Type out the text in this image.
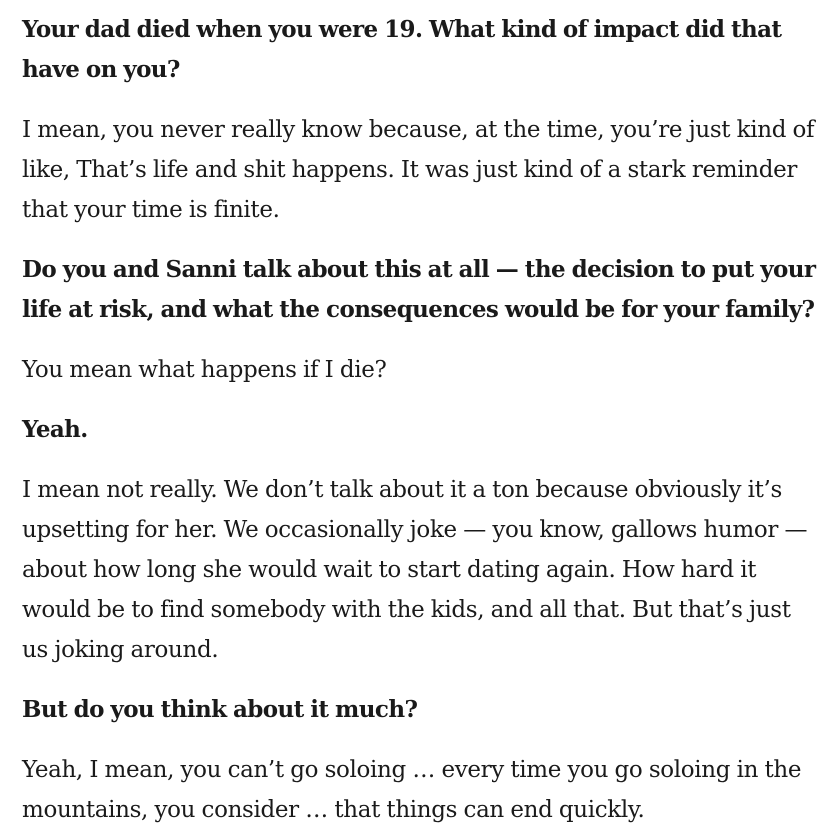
Your dad died when you were 19. What kind of impact did that have on you?

I mean, you never really know because, at the time, you’re just kind of like, That’s life and shit happens. It was just kind of a stark reminder that your time is finite.

Do you and Sanni talk about this at all — the decision to put your life at risk, and what the consequences would be for your family?

You mean what happens if I die?

Yeah.

I mean not really. We don’t talk about it a ton because obviously it’s upsetting for her. We occasionally joke — you know, gallows humor — about how long she would wait to start dating again. How hard it would be to find somebody with the kids, and all that. But that’s just us joking around.

But do you think about it much?

Yeah, I mean, you can’t go soloing … every time you go soloing in the mountains, you consider … that things can end quickly.
